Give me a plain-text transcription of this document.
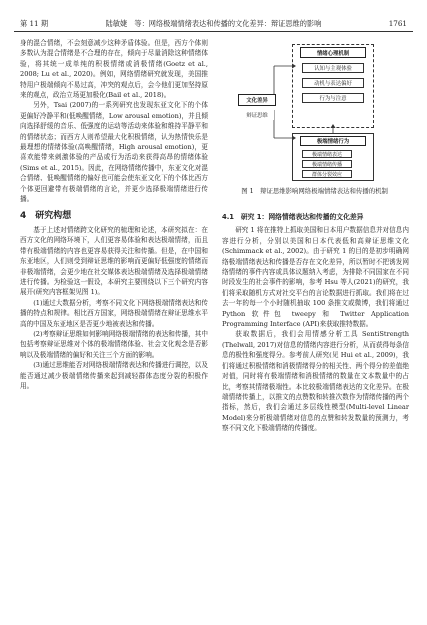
第 11 期	陆敏婕　等：网络极端情绪表达和传播的文化差异：辩证思维的影响	1761

身的混合情绪，不会刻意减少这种矛盾体验。但是，西方个体则多数认为混合情绪是不合理的存在，倾向于尽量消除这种情绪体验，将其统一成单纯的积极情绪或消极情绪(Goetz et al., 2008; Lu et al., 2020)。例如，网络情绪研究就发现，美国推特用户极端倾向不易过高，冲突的观点后，会今他们更加坚持原来的观点，政治立场更加极化(Bail et al., 2018)。

另外，Tsai (2007)的一系列研究也发现东亚文化下的个体更偏好冷静平和(低唤醒情绪，Low arousal emotion)，并且倾向选择舒缓的音乐、低强度的运动等活动来体验和维持平静平和的情绪状态；而西方人则希望最大化积极情绪，认为热情快乐是最理想的情绪体验(高唤醒情绪，High arousal emotion)，更喜欢能带来刺激体验的产品或行为活动来获得高昂的情绪体验(Sims et al., 2015)。因此，在网络情绪传播中，东亚文化对混合情绪、低唤醒情绪的偏好也可能会使东亚文化下的个体比西方个体更回避带有极端情绪的言论，并更少选择极端情绪进行传播。

4　研究构想

基于上述对情绪跨文化研究的梳理和论述，本研究拟在：在西方文化的网络环境下，人们更容易体验和表达极端情绪，而且带有极端情绪的内容也更容易获得关注和传播。但是，在中国和东亚地区，人们则受到辩证思维的影响而更偏好低强度的情绪而非极端情绪，会更少地在社交媒体表达极端情绪及选择极端情绪进行传播。为检验这一假设，本研究主要围绕以下三个研究内容展开(研究内容框架见图 1)。

(1)通过大数据分析，考察不同文化下网络极端情绪表达和传播的特点和规律。相比西方国家，网络极端情绪在辩证思维水平高的中国及东亚地区是否更少地被表达和传播。

(2)考察辩证思维如何影响网络极端情绪的表达和传播，其中包括考察辩证思维对个体的极端情绪体验、社会文化观念是否影响以及极端情绪的偏好和关注三个方面的影响。

(3)通过思维能否对网络极端情绪表达和传播进行调控，以及能否通过减少极端情绪传播来起到减轻群体态度分裂的积极作用。

文化差异
辩证思维
情绪心理机制
认知与主观体验
动机与表达偏好
行为与注意
极端情绪行为
极端情绪表达
极端情绪传播
群体分裂效应
图 1　辩证思维影响网络极端情绪表达和传播的机制
4.1　研究 1：网络情绪表达和传播的文化差异

研究 1 将在推特上抓取美国和日本用户数据信息并对信息内容进行分析，分别以美国和日本代表低和高辩证思维文化(Schimmack et al., 2002)。由于研究 1 的目的是初步明确网络极端情绪表达和传播是否存在文化差异，所以暂时不把诱发网络情绪的事件内容或具体议题纳入考虑，为排除不同国家在不同时段发生的社会事件的影响，参考 Hsu 等人(2021)的研究，我们将采取随机方式对社交平台的言论数据进行抓取。我们将在过去一年的每一个小时随机抽取 100 条推文或微博，我们将通过 Python 软件包 tweepy 和 Twitter Application Programming Interface (API)来获取推特数据。

获取数据后，我们会用情感分析工具 SentiStrength (Thelwall, 2017)对信息的情绪内容进行分析，从而获得每条信息的极性和强度得分。参考前人研究(见 Hui et al., 2009)，我们将通过积极情绪和消极情绪得分的相关性、两个得分的差值绝对值，同时将有极端情绪和消极情绪的数量在文本数量中的占比，考察其情绪极端性。本比较极端情绪表达的文化差异。在极端情绪传播上，以推文的点赞数和转推次数作为情绪传播的两个指标，然后，我们会通过多层线性模型(Multi-level Linear Model)来分析极端情绪对信息的点赞和转发数量的预测力，考察不同文化下极端情绪的传播度。
